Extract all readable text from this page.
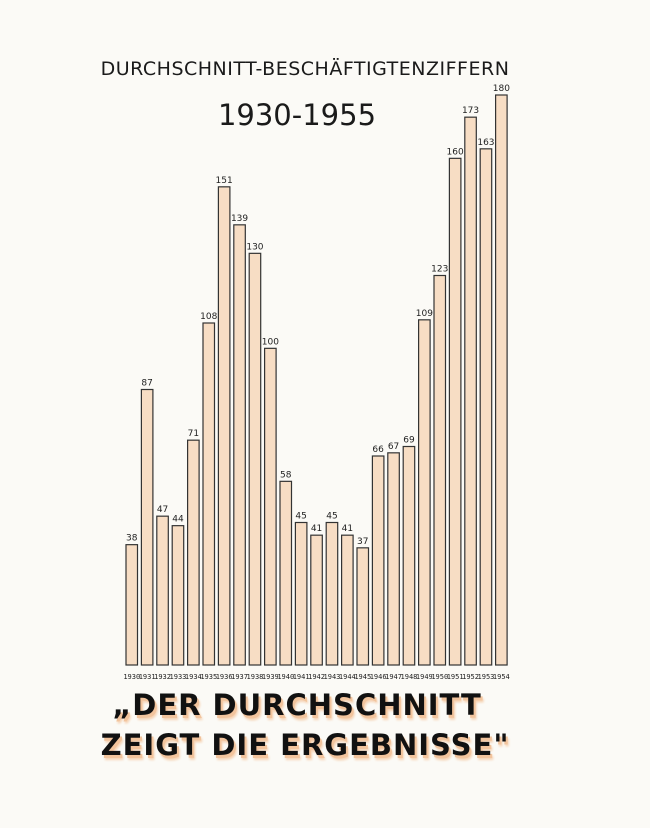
DURCHSCHNITT-BESCHÄFTIGTENZIFFERN
1930-1955
38
1930
87
1931
47
1932
44
1933
71
1934
108
1935
151
1936
139
1937
130
1938
100
1939
58
1940
45
1941
41
1942
45
1943
41
1944
37
1945
66
1946
67
1947
69
1948
109
1949
123
1950
160
1951
173
1952
163
1953
180
1954
„DER DURCHSCHNITT
ZEIGT DIE ERGEBNISSE"
